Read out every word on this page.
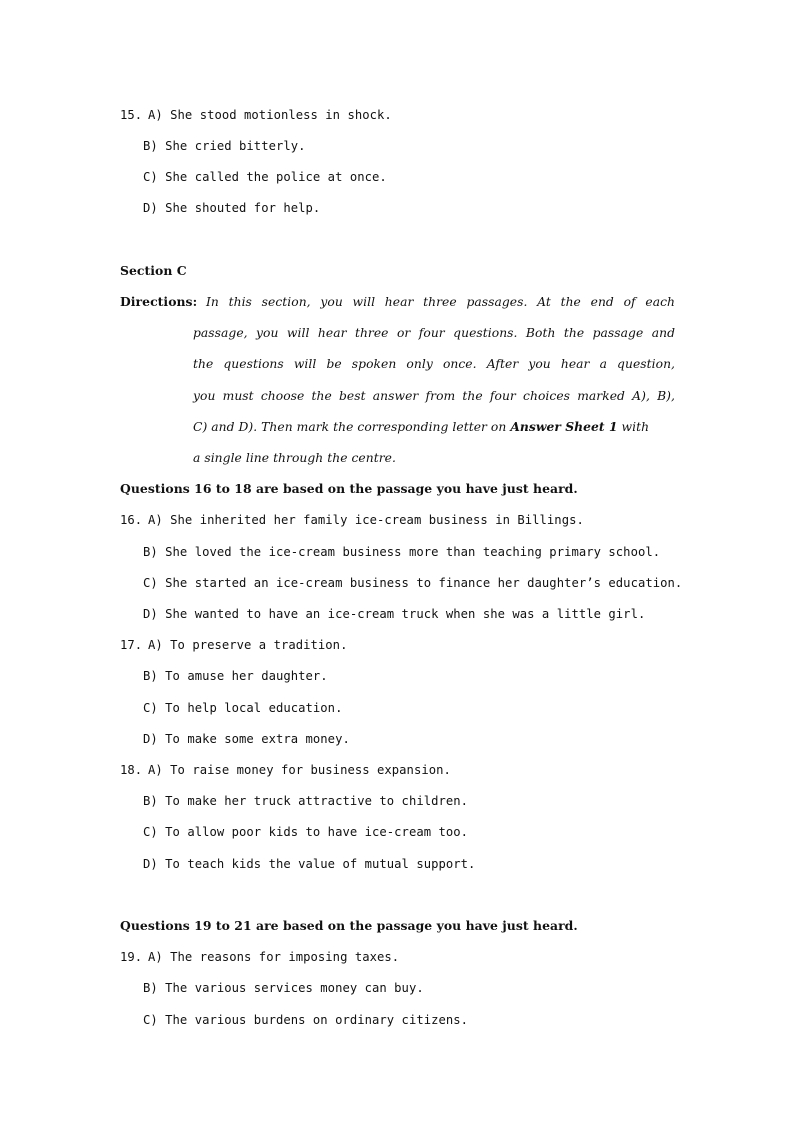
15. A) She stood motionless in shock.
B) She cried bitterly.
C) She called the police at once.
D) She shouted for help.
Section C
Directions: In this section, you will hear three passages. At the end of each
passage, you will hear three or four questions. Both the passage and
the questions will be spoken only once. After you hear a question,
you must choose the best answer from the four choices marked A), B),
C) and D). Then mark the corresponding letter on Answer Sheet 1 with
a single line through the centre.
Questions 16 to 18 are based on the passage you have just heard.
16. A) She inherited her family ice-cream business in Billings.
B) She loved the ice-cream business more than teaching primary school.
C) She started an ice-cream business to finance her daughter’s education.
D) She wanted to have an ice-cream truck when she was a little girl.
17. A) To preserve a tradition.
B) To amuse her daughter.
C) To help local education.
D) To make some extra money.
18. A) To raise money for business expansion.
B) To make her truck attractive to children.
C) To allow poor kids to have ice-cream too.
D) To teach kids the value of mutual support.
Questions 19 to 21 are based on the passage you have just heard.
19. A) The reasons for imposing taxes.
B) The various services money can buy.
C) The various burdens on ordinary citizens.
